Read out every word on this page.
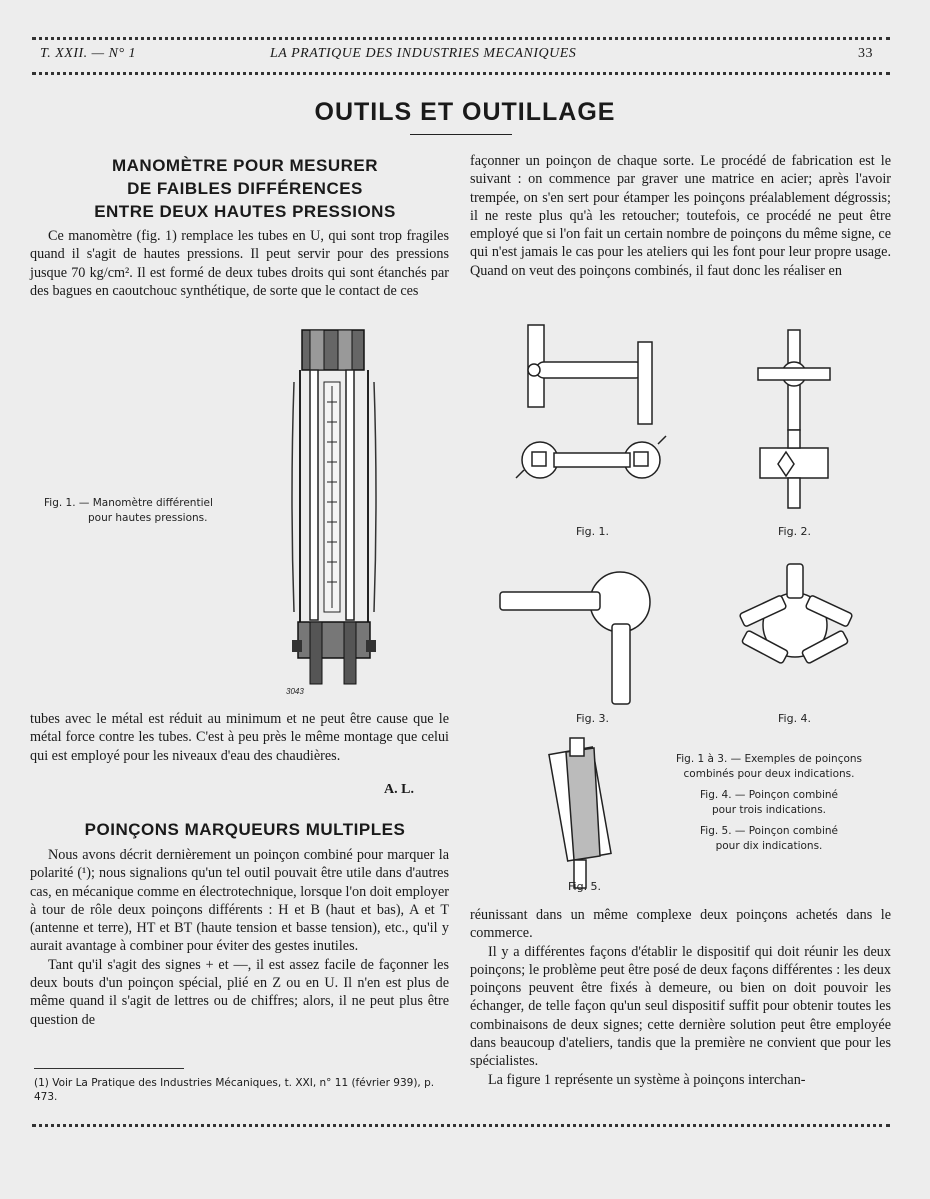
T. XXII. — N° 1	LA PRATIQUE DES INDUSTRIES MECANIQUES	33
OUTILS ET OUTILLAGE
MANOMÈTRE POUR MESURER
DE FAIBLES DIFFÉRENCES
ENTRE DEUX HAUTES PRESSIONS

Ce manomètre (fig. 1) remplace les tubes en U, qui sont trop fragiles quand il s'agit de hautes pressions. Il peut servir pour des pressions jusque 70 kg/cm². Il est formé de deux tubes droits qui sont étanchés par des bagues en caoutchouc synthétique, de sorte que le contact de ces

Fig. 1. — Manomètre différentiel
pour hautes pressions.
3043

tubes avec le métal est réduit au minimum et ne peut être cause que le métal force contre les tubes. C'est à peu près le même montage que celui qui est employé pour les niveaux d'eau des chaudières.

A. L.
POINÇONS MARQUEURS MULTIPLES

Nous avons décrit dernièrement un poinçon combiné pour marquer la polarité (¹); nous signalions qu'un tel outil pouvait être utile dans d'autres cas, en mécanique comme en électrotechnique, lorsque l'on doit employer à tour de rôle deux poinçons différents : H et B (haut et bas), A et T (antenne et terre), HT et BT (haute tension et basse tension), etc., qu'il y aurait avantage à combiner pour éviter des gestes inutiles.

Tant qu'il s'agit des signes + et —, il est assez facile de façonner les deux bouts d'un poinçon spécial, plié en Z ou en U. Il n'en est plus de même quand il s'agit de lettres ou de chiffres; alors, il ne peut plus être question de

(1) Voir La Pratique des Industries Mécaniques, t. XXI, n° 11 (février 939), p. 473.

façonner un poinçon de chaque sorte. Le procédé de fabrication est le suivant : on commence par graver une matrice en acier; après l'avoir trempée, on s'en sert pour étamper les poinçons préalablement dégrossis; il ne reste plus qu'à les retoucher; toutefois, ce procédé ne peut être employé que si l'on fait un certain nombre de poinçons du même signe, ce qui n'est jamais le cas pour les ateliers qui les font pour leur propre usage. Quand on veut des poinçons combinés, il faut donc les réaliser en

Fig. 1.	Fig. 2.
Fig. 3.	Fig. 4.
Fig. 5.
Fig. 1 à 3. — Exemples de poinçons
combinés pour deux indications.
Fig. 4. — Poinçon combiné
pour trois indications.
Fig. 5. — Poinçon combiné
pour dix indications.

réunissant dans un même complexe deux poinçons achetés dans le commerce.

Il y a différentes façons d'établir le dispositif qui doit réunir les deux poinçons; le problème peut être posé de deux façons différentes : les deux poinçons peuvent être fixés à demeure, ou bien on doit pouvoir les échanger, de telle façon qu'un seul dispositif suffit pour obtenir toutes les combinaisons de deux signes; cette dernière solution peut être employée dans beaucoup d'ateliers, tandis que la première ne convient que pour les spécialistes.

La figure 1 représente un système à poinçons interchan-
